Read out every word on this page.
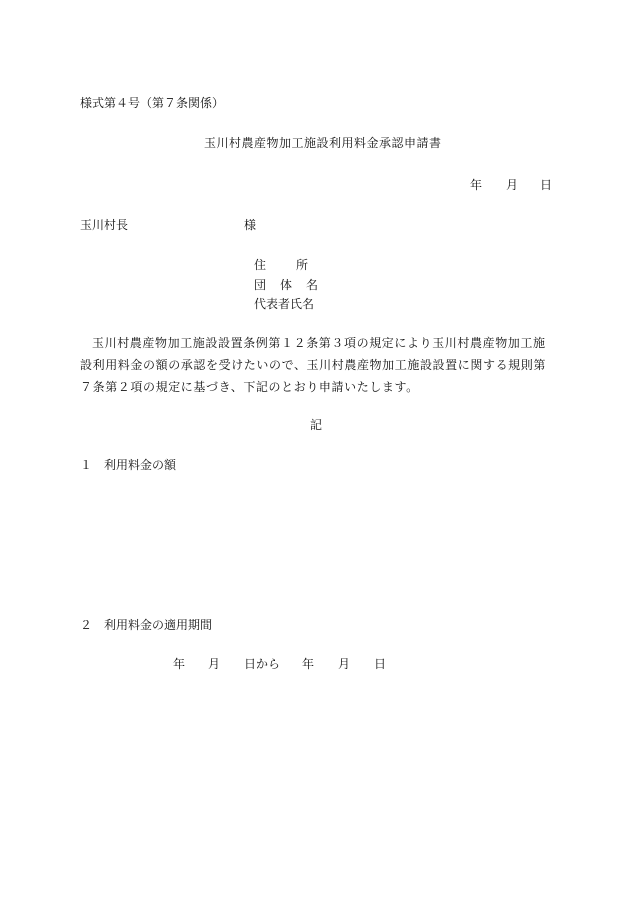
様式第４号（第７条関係）
玉川村農産物加工施設利用料金承認申請書
年 月 日
玉川村長	様
住　　所
団　体　名
代表者氏名
玉川村農産物加工施設設置条例第１２条第３項の規定により玉川村農産物加工施設利用料金の額の承認を受けたいので、玉川村農産物加工施設設置に関する規則第７条第２項の規定に基づき、下記のとおり申請いたします。
記
１ 利用料金の額
２ 利用料金の適用期間
年 月 日から 年 月 日
